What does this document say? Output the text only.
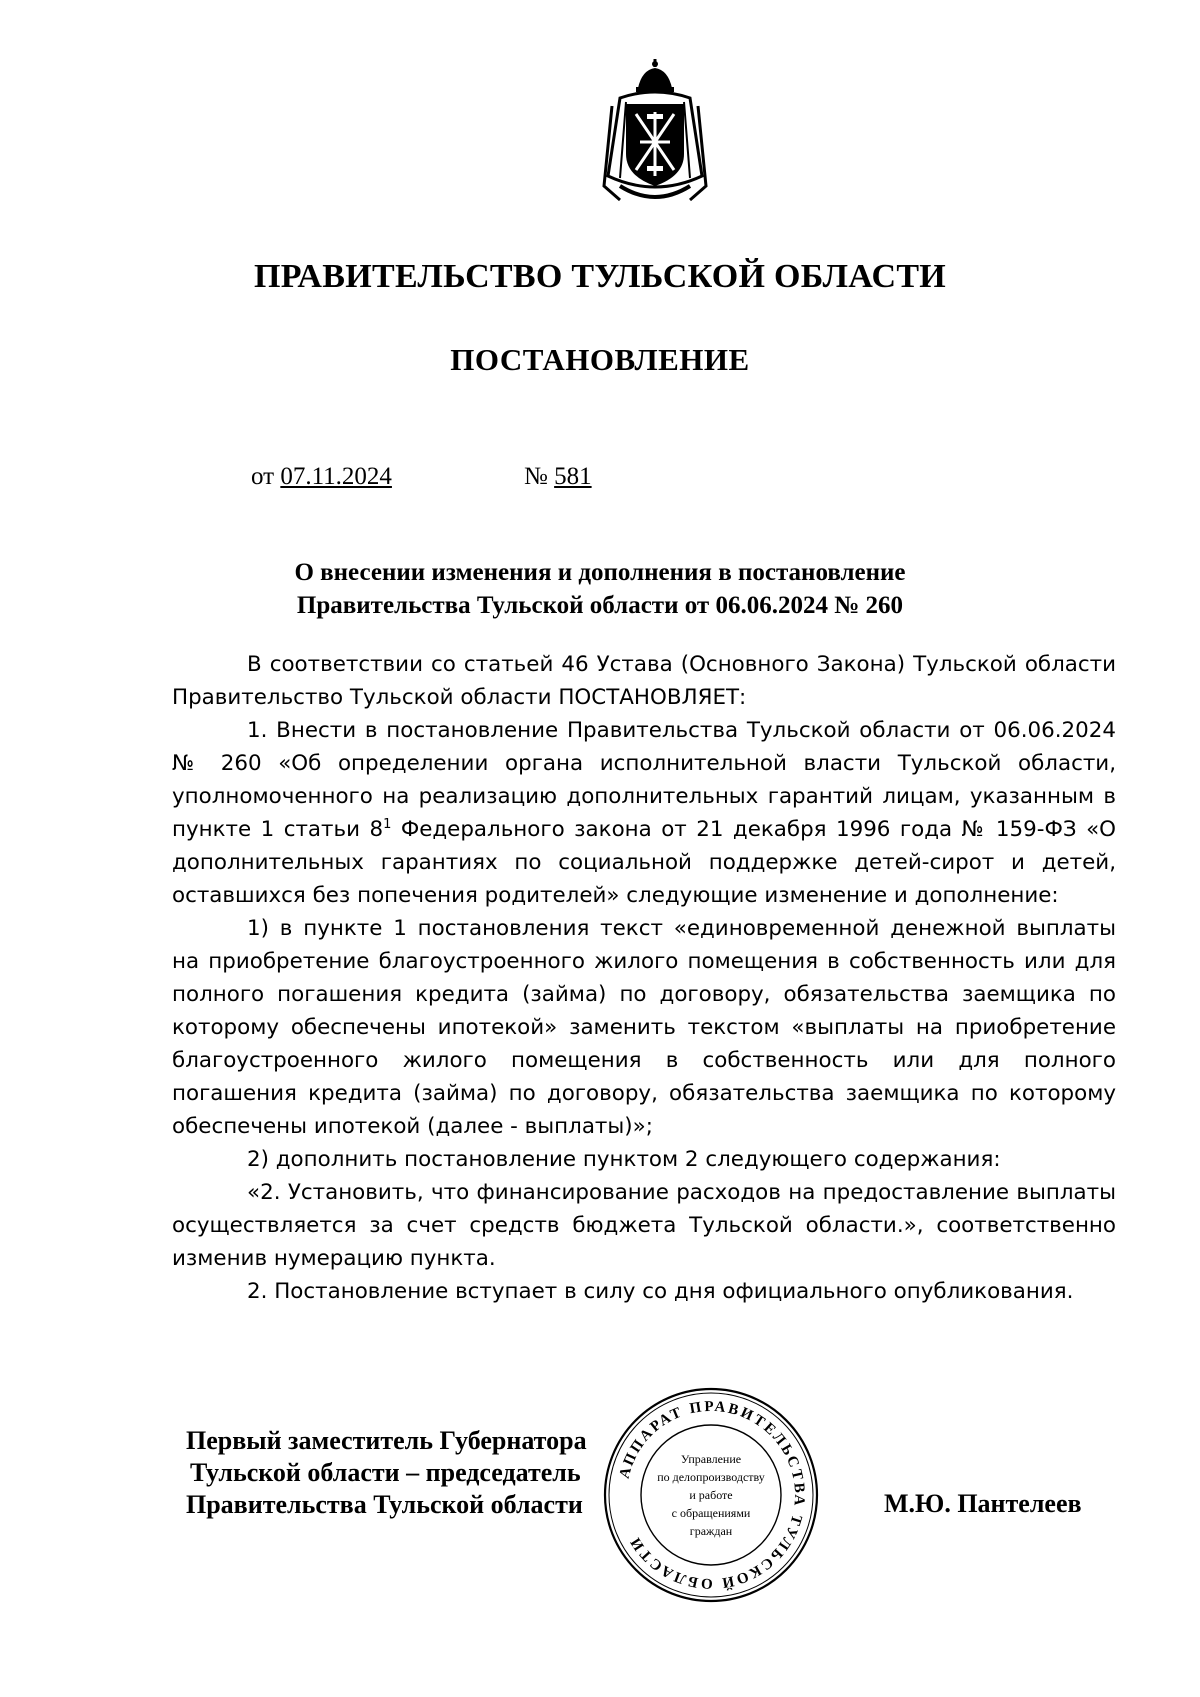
ПРАВИТЕЛЬСТВО ТУЛЬСКОЙ ОБЛАСТИ
ПОСТАНОВЛЕНИЕ
от 07.11.2024	№ 581
О внесении изменения и дополнения в постановление
Правительства Тульской области от 06.06.2024 № 260

В соответствии со статьей 46 Устава (Основного Закона) Тульской области Правительство Тульской области ПОСТАНОВЛЯЕТ:

1. Внести в постановление Правительства Тульской области от 06.06.2024 № 260 «Об определении органа исполнительной власти Тульской области, уполномоченного на реализацию дополнительных гарантий лицам, указанным в пункте 1 статьи $8^1$ Федерального закона от 21 декабря 1996 года № 159-ФЗ «О дополнительных гарантиях по социальной поддержке детей-сирот и детей, оставшихся без попечения родителей» следующие изменение и дополнение:

1) в пункте 1 постановления текст «единовременной денежной выплаты на приобретение благоустроенного жилого помещения в собственность или для полного погашения кредита (займа) по договору, обязательства заемщика по которому обеспечены ипотекой» заменить текстом «выплаты на приобретение благоустроенного жилого помещения в собственность или для полного погашения кредита (займа) по договору, обязательства заемщика по которому обеспечены ипотекой (далее - выплаты)»;

2) дополнить постановление пунктом 2 следующего содержания:

«2. Установить, что финансирование расходов на предоставление выплаты осуществляется за счет средств бюджета Тульской области.», соответственно изменив нумерацию пункта.

2. Постановление вступает в силу со дня официального опубликования.

Первый заместитель Губернатора
Тульской области – председатель
Правительства Тульской области	М.Ю. Пантелеев
АППАРАТ ПРАВИТЕЛЬСТВА ТУЛЬСКОЙ ОБЛАСТИ
Управление
по делопроизводству
и работе
с обращениями
граждан
